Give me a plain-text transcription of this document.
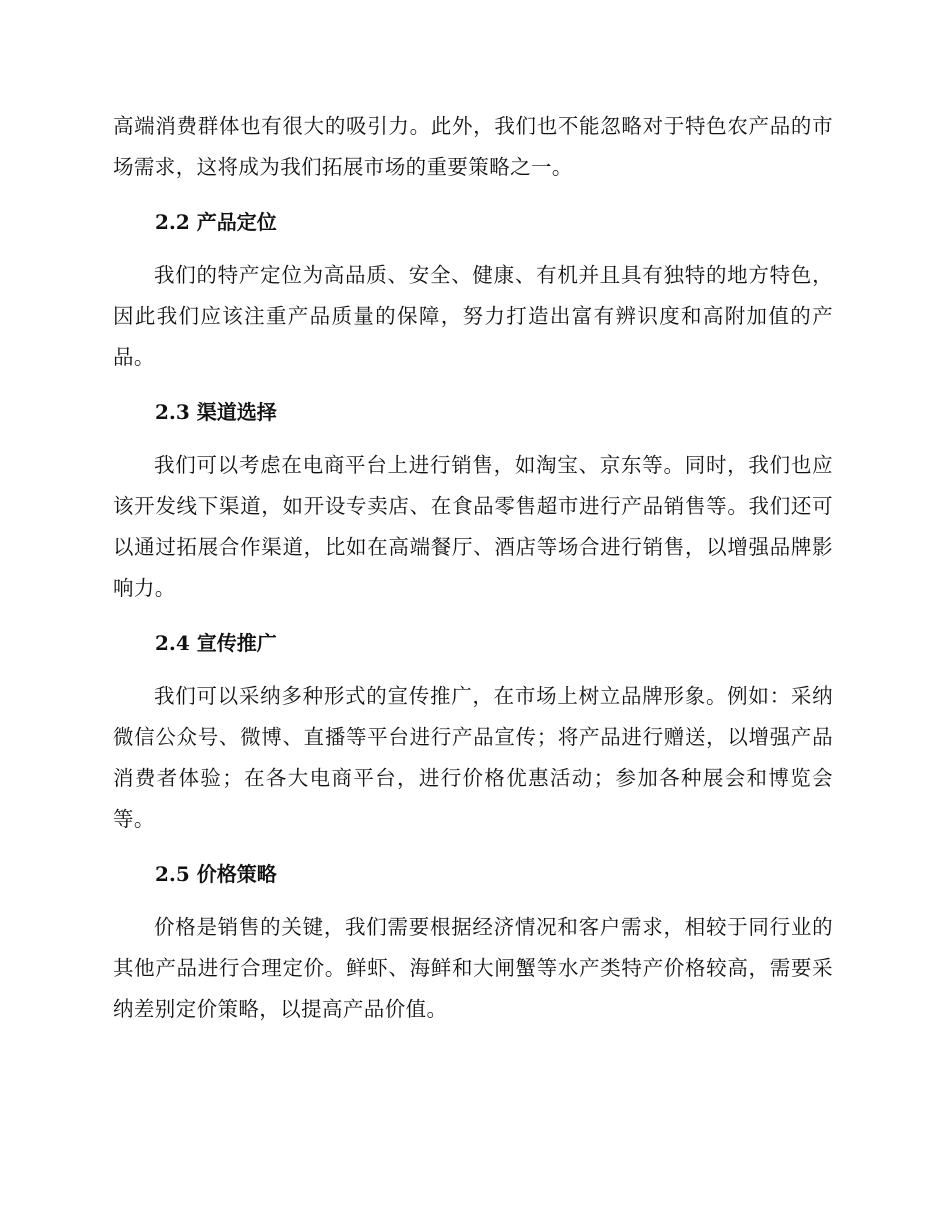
高端消费群体也有很大的吸引力。此外，我们也不能忽略对于特色农产品的市场需求，这将成为我们拓展市场的重要策略之一。

2.2 产品定位

我们的特产定位为高品质、安全、健康、有机并且具有独特的地方特色，因此我们应该注重产品质量的保障，努力打造出富有辨识度和高附加值的产品。

2.3 渠道选择

我们可以考虑在电商平台上进行销售，如淘宝、京东等。同时，我们也应该开发线下渠道，如开设专卖店、在食品零售超市进行产品销售等。我们还可以通过拓展合作渠道，比如在高端餐厅、酒店等场合进行销售，以增强品牌影响力。

2.4 宣传推广

我们可以采纳多种形式的宣传推广，在市场上树立品牌形象。例如：采纳微信公众号、微博、直播等平台进行产品宣传；将产品进行赠送，以增强产品消费者体验；在各大电商平台，进行价格优惠活动；参加各种展会和博览会等。

2.5 价格策略

价格是销售的关键，我们需要根据经济情况和客户需求，相较于同行业的其他产品进行合理定价。鲜虾、海鲜和大闸蟹等水产类特产价格较高，需要采纳差别定价策略，以提高产品价值。
